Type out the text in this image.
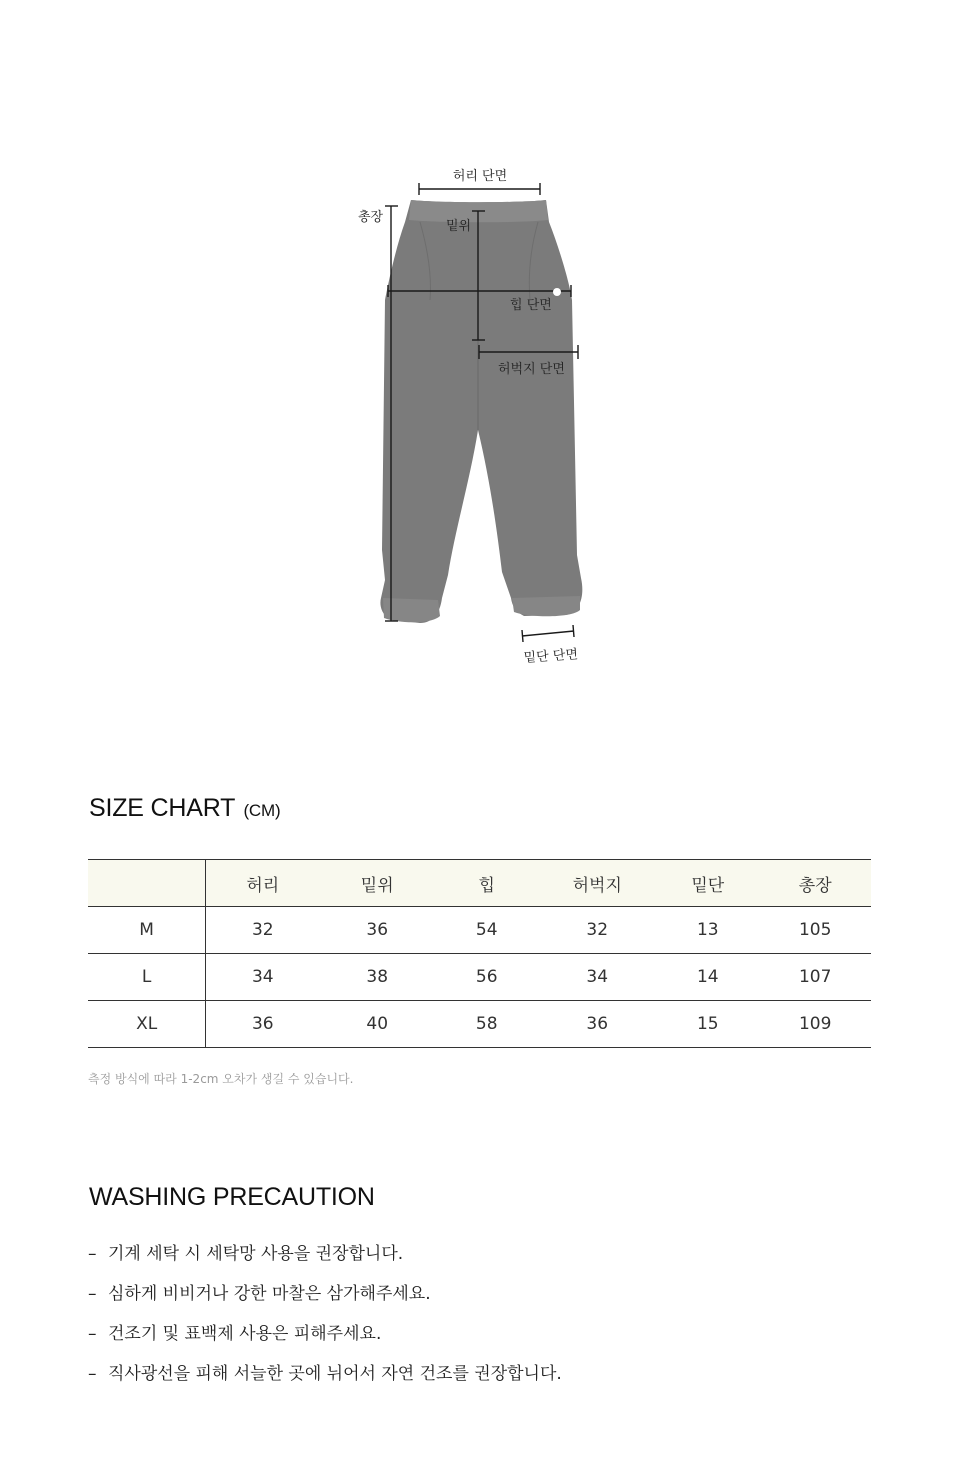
허리 단면
총장
밑위
힙 단면
허벅지 단면
밑단 단면
SIZE CHART (CM)
	허리	밑위	힙	허벅지	밑단	총장
M	32	36	54	32	13	105
L	34	38	56	34	14	107
XL	36	40	58	36	15	109
측정 방식에 따라 1-2cm 오차가 생길 수 있습니다.
WASHING PRECAUTION
– 기계 세탁 시 세탁망 사용을 권장합니다.
– 심하게 비비거나 강한 마찰은 삼가해주세요.
– 건조기 및 표백제 사용은 피해주세요.
– 직사광선을 피해 서늘한 곳에 뉘어서 자연 건조를 권장합니다.
